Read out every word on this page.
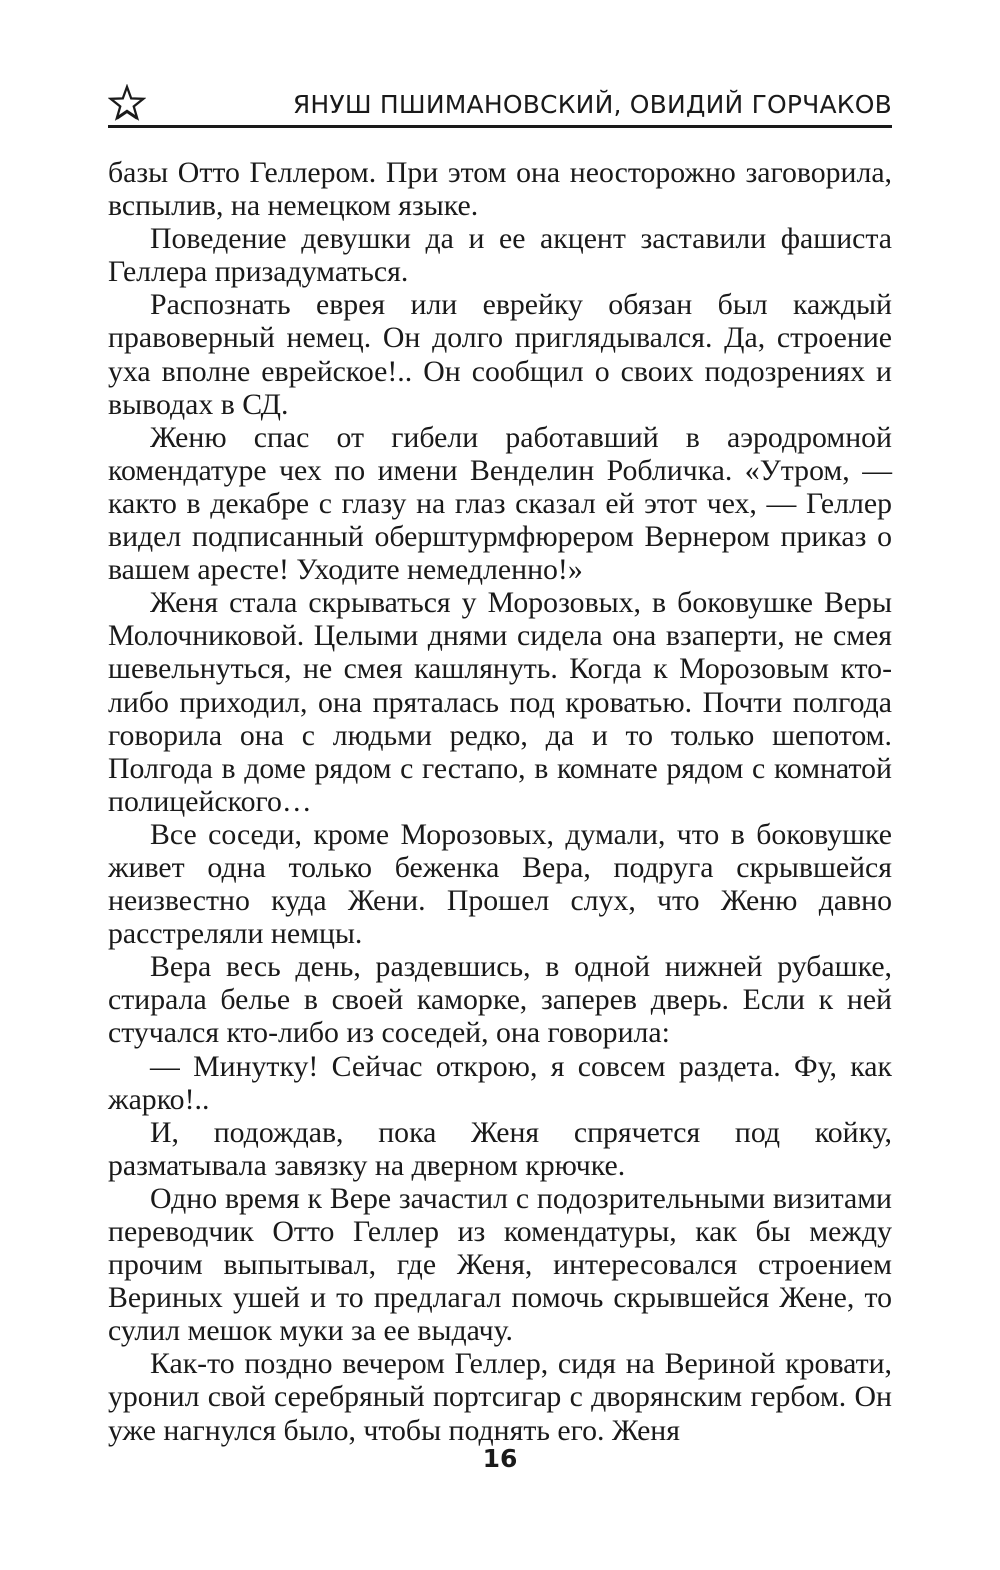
ЯНУШ ПШИМАНОВСКИЙ, ОВИДИЙ ГОРЧАКОВ

базы Отто Геллером. При этом она неосторожно заговорила, вспылив, на немецком языке.

Поведение девушки да и ее акцент заставили фашиста Геллера призадуматься.

Распознать еврея или еврейку обязан был каждый правоверный немец. Он долго приглядывался. Да, строение уха вполне еврейское!.. Он сообщил о своих подозрениях и выводах в СД.

Женю спас от гибели работавший в аэродромной комендатуре чех по имени Венделин Робличка. «Утром, — както в декабре с глазу на глаз сказал ей этот чех, — Геллер видел подписанный оберштурмфюрером Вернером приказ о вашем аресте! Уходите немедленно!»

Женя стала скрываться у Морозовых, в боковушке Веры Молочниковой. Целыми днями сидела она взаперти, не смея шевельнуться, не смея кашлянуть. Когда к Морозовым кто-либо приходил, она пряталась под кроватью. Почти полгода говорила она с людьми редко, да и то только шепотом. Полгода в доме рядом с гестапо, в комнате рядом с комнатой полицейского…

Все соседи, кроме Морозовых, думали, что в боковушке живет одна только беженка Вера, подруга скрывшейся неизвестно куда Жени. Прошел слух, что Женю давно расстреляли немцы.

Вера весь день, раздевшись, в одной нижней рубашке, стирала белье в своей каморке, заперев дверь. Если к ней стучался кто-либо из соседей, она говорила:

— Минутку! Сейчас открою, я совсем раздета. Фу, как жарко!..

И, подождав, пока Женя спрячется под койку, разматывала завязку на дверном крючке.

Одно время к Вере зачастил с подозрительными визитами переводчик Отто Геллер из комендатуры, как бы между прочим выпытывал, где Женя, интересовался строением Вериных ушей и то предлагал помочь скрывшейся Жене, то сулил мешок муки за ее выдачу.

Как-то поздно вечером Геллер, сидя на Вериной кровати, уронил свой серебряный портсигар с дворянским гербом. Он уже нагнулся было, чтобы поднять его. Женя

16
